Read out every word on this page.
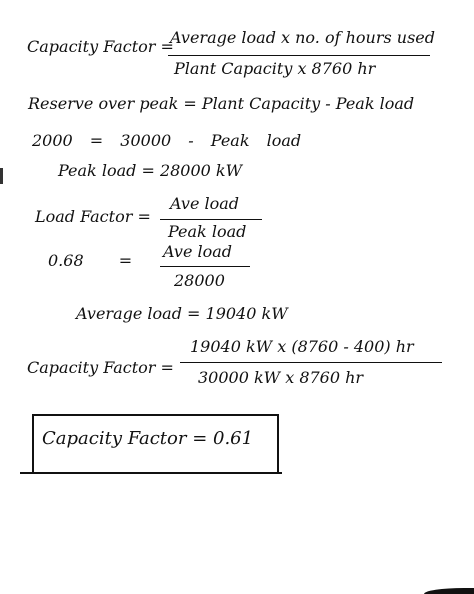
Capacity Factor =
Average load x no. of hours used
Plant Capacity x 8760 hr
Reserve over peak = Plant Capacity - Peak load
2000 = 30000 - Peak load
Peak load = 28000 kW
Load Factor =
Ave load
Peak load
0.68 = Ave load
28000
Average load = 19040 kW
Capacity Factor =
19040 kW x (8760 - 400) hr
30000 kW x 8760 hr
Capacity Factor = 0.61
